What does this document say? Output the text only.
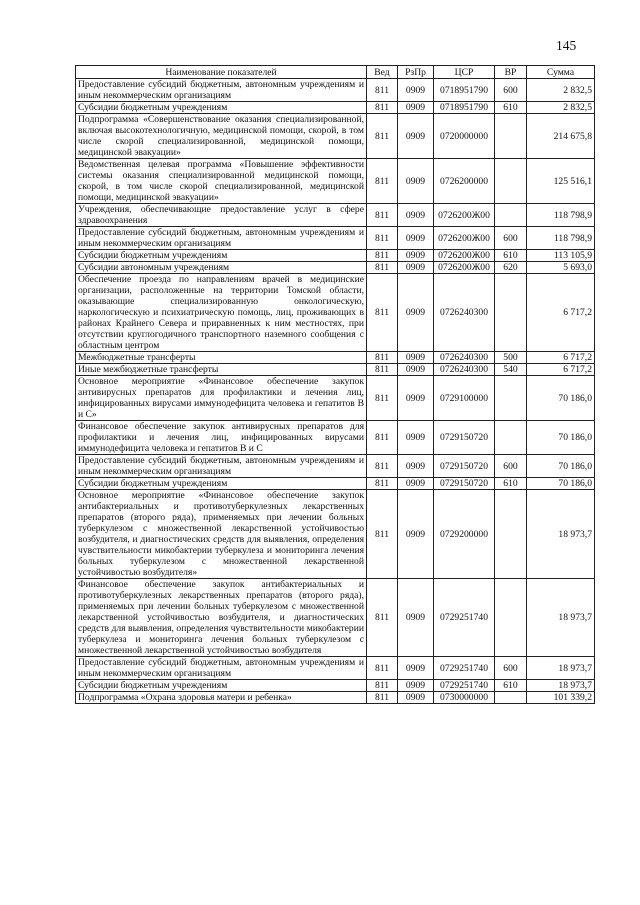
145
Наименование показателей	Вед	РзПр	ЦСР	ВР	Сумма
Предоставление субсидий бюджетным, автономным учреждениям и иным некоммерческим организациям	811	0909	0718951790	600	2 832,5
Субсидии бюджетным учреждениям	811	0909	0718951790	610	2 832,5
Подпрограмма «Совершенствование оказания специализированной, включая высокотехнологичную, медицинской помощи, скорой, в том числе скорой специализированной, медицинской помощи, медицинской эвакуации»	811	0909	0720000000		214 675,8
Ведомственная целевая программа «Повышение эффективности системы оказания специализированной медицинской помощи, скорой, в том числе скорой специализированной, медицинской помощи, медицинской эвакуации»	811	0909	0726200000		125 516,1
Учреждения, обеспечивающие предоставление услуг в сфере здравоохранения	811	0909	0726200Ж00		118 798,9
Предоставление субсидий бюджетным, автономным учреждениям и иным некоммерческим организациям	811	0909	0726200Ж00	600	118 798,9
Субсидии бюджетным учреждениям	811	0909	0726200Ж00	610	113 105,9
Субсидии автономным учреждениям	811	0909	0726200Ж00	620	5 693,0
Обеспечение проезда по направлениям врачей в медицинские организации, расположенные на территории Томской области, оказывающие специализированную онкологическую, наркологическую и психиатрическую помощь, лиц, проживающих в районах Крайнего Севера и приравненных к ним местностях, при отсутствии круглогодичного транспортного наземного сообщения с областным центром	811	0909	0726240300		6 717,2
Межбюджетные трансферты	811	0909	0726240300	500	6 717,2
Иные межбюджетные трансферты	811	0909	0726240300	540	6 717,2
Основное мероприятие «Финансовое обеспечение закупок антивирусных препаратов для профилактики и лечения лиц, инфицированных вирусами иммунодефицита человека и гепатитов B и C»	811	0909	0729100000		70 186,0
Финансовое обеспечение закупок антивирусных препаратов для профилактики и лечения лиц, инфицированных вирусами иммунодефицита человека и гепатитов B и C	811	0909	0729150720		70 186,0
Предоставление субсидий бюджетным, автономным учреждениям и иным некоммерческим организациям	811	0909	0729150720	600	70 186,0
Субсидии бюджетным учреждениям	811	0909	0729150720	610	70 186,0
Основное мероприятие «Финансовое обеспечение закупок антибактериальных и противотуберкулезных лекарственных препаратов (второго ряда), применяемых при лечении больных туберкулезом с множественной лекарственной устойчивостью возбудителя, и диагностических средств для выявления, определения чувствительности микобактерии туберкулеза и мониторинга лечения больных туберкулезом с множественной лекарственной устойчивостью возбудителя»	811	0909	0729200000		18 973,7
Финансовое обеспечение закупок антибактериальных и противотуберкулезных лекарственных препаратов (второго ряда), применяемых при лечении больных туберкулезом с множественной лекарственной устойчивостью возбудителя, и диагностических средств для выявления, определения чувствительности микобактерии туберкулеза и мониторинга лечения больных туберкулезом с множественной лекарственной устойчивостью возбудителя	811	0909	0729251740		18 973,7
Предоставление субсидий бюджетным, автономным учреждениям и иным некоммерческим организациям	811	0909	0729251740	600	18 973,7
Субсидии бюджетным учреждениям	811	0909	0729251740	610	18 973,7
Подпрограмма «Охрана здоровья матери и ребенка»	811	0909	0730000000		101 339,2
